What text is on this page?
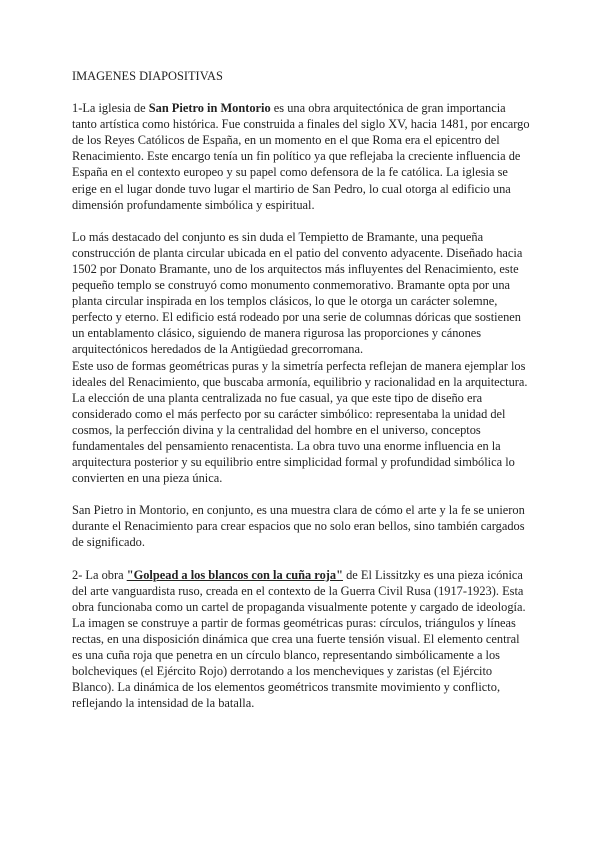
IMAGENES DIAPOSITIVAS

1-La iglesia de San Pietro in Montorio es una obra arquitectónica de gran importancia tanto artística como histórica. Fue construida a finales del siglo XV, hacia 1481, por encargo de los Reyes Católicos de España, en un momento en el que Roma era el epicentro del Renacimiento. Este encargo tenía un fin político ya que reflejaba la creciente influencia de España en el contexto europeo y su papel como defensora de la fe católica. La iglesia se erige en el lugar donde tuvo lugar el martirio de San Pedro, lo cual otorga al edificio una dimensión profundamente simbólica y espiritual.

Lo más destacado del conjunto es sin duda el Tempietto de Bramante, una pequeña construcción de planta circular ubicada en el patio del convento adyacente. Diseñado hacia 1502 por Donato Bramante, uno de los arquitectos más influyentes del Renacimiento, este pequeño templo se construyó como monumento conmemorativo. Bramante opta por una planta circular inspirada en los templos clásicos, lo que le otorga un carácter solemne, perfecto y eterno. El edificio está rodeado por una serie de columnas dóricas que sostienen un entablamento clásico, siguiendo de manera rigurosa las proporciones y cánones arquitectónicos heredados de la Antigüedad grecorromana.

Este uso de formas geométricas puras y la simetría perfecta reflejan de manera ejemplar los ideales del Renacimiento, que buscaba armonía, equilibrio y racionalidad en la arquitectura. La elección de una planta centralizada no fue casual, ya que este tipo de diseño era considerado como el más perfecto por su carácter simbólico: representaba la unidad del cosmos, la perfección divina y la centralidad del hombre en el universo, conceptos fundamentales del pensamiento renacentista. La obra tuvo una enorme influencia en la arquitectura posterior y su equilibrio entre simplicidad formal y profundidad simbólica lo convierten en una pieza única.

San Pietro in Montorio, en conjunto, es una muestra clara de cómo el arte y la fe se unieron durante el Renacimiento para crear espacios que no solo eran bellos, sino también cargados de significado.

2- La obra "Golpead a los blancos con la cuña roja" de El Lissitzky es una pieza icónica del arte vanguardista ruso, creada en el contexto de la Guerra Civil Rusa (1917-1923). Esta obra funcionaba como un cartel de propaganda visualmente potente y cargado de ideología. La imagen se construye a partir de formas geométricas puras: círculos, triángulos y líneas rectas, en una disposición dinámica que crea una fuerte tensión visual. El elemento central es una cuña roja que penetra en un círculo blanco, representando simbólicamente a los bolcheviques (el Ejército Rojo) derrotando a los mencheviques y zaristas (el Ejército Blanco). La dinámica de los elementos geométricos transmite movimiento y conflicto, reflejando la intensidad de la batalla.
